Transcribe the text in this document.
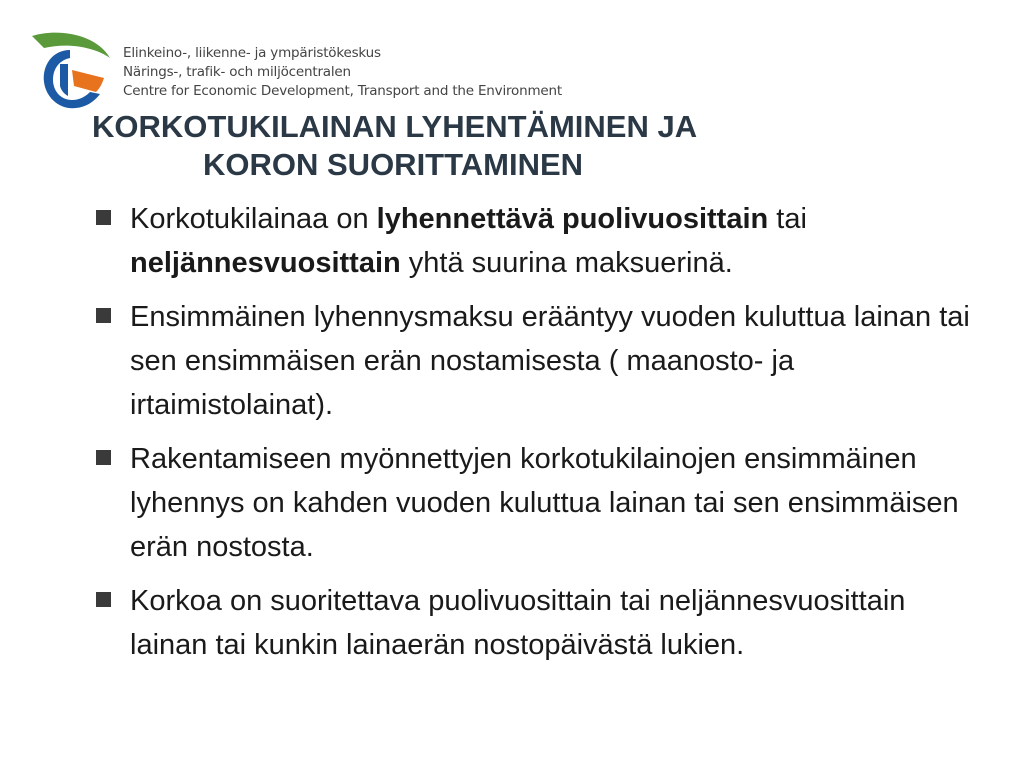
Elinkeino-, liikenne- ja ympäristökeskus
Närings-, trafik- och miljöcentralen
Centre for Economic Development, Transport and the Environment
KORKOTUKILAINAN LYHENTÄMINEN JA
KORON SUORITTAMINEN
Korkotukilainaa on lyhennettävä puolivuosittain tai neljännesvuosittain yhtä suurina maksuerinä.
Ensimmäinen lyhennysmaksu erääntyy vuoden kuluttua lainan tai sen ensimmäisen erän nostamisesta ( maanosto- ja irtaimistolainat).
Rakentamiseen myönnettyjen korkotukilainojen ensimmäinen lyhennys on kahden vuoden kuluttua lainan tai sen ensimmäisen erän nostosta.
Korkoa on suoritettava puolivuosittain tai neljännesvuosittain lainan tai kunkin lainaerän nostopäivästä lukien.
